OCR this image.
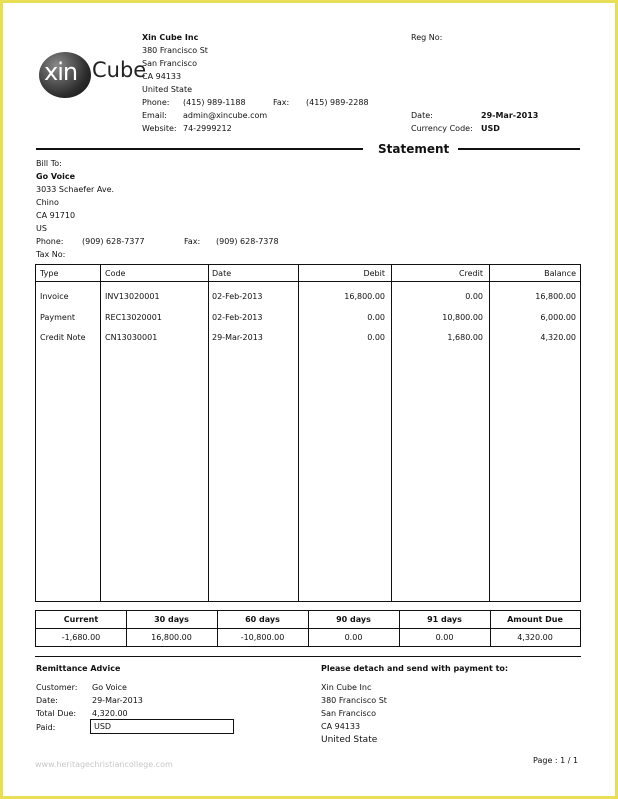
xin Cube
Xin Cube Inc
380 Francisco St
San Francisco
CA 94133
United State
Phone: (415) 989-1188	Fax: (415) 989-2288
Email: admin@xincube.com
Website: 74-2999212
Reg No:
Date:	29-Mar-2013
Currency Code: USD
Statement
Bill To:
Go Voice
3033 Schaefer Ave.
Chino
CA 91710
US
Phone: (909) 628-7377	Fax: (909) 628-7378
Tax No:
Type	Code	Date	Debit	Credit	Balance
Invoice	INV13020001	02-Feb-2013	16,800.00	0.00	16,800.00
Payment	REC13020001	02-Feb-2013	0.00	10,800.00	6,000.00
Credit Note CN13030001	29-Mar-2013	0.00	1,680.00	4,320.00
Current	30 days	60 days	90 days	91 days	Amount Due
-1,680.00	16,800.00	-10,800.00	0.00	0.00	4,320.00
Remittance Advice
Customer: Go Voice
Date:	29-Mar-2013
Total Due: 4,320.00
Paid:	USD
Please detach and send with payment to:
Xin Cube Inc
380 Francisco St
San Francisco
CA 94133
United State
www.heritagechristiancollege.com	Page : 1 / 1
